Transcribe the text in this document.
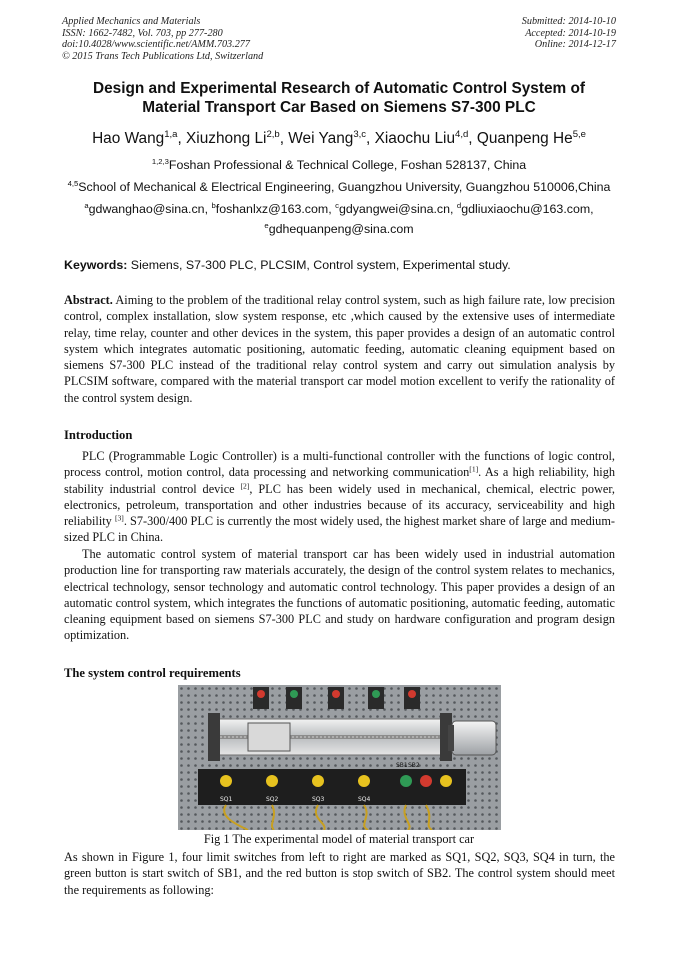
Applied Mechanics and Materials
ISSN: 1662-7482, Vol. 703, pp 277-280
doi:10.4028/www.scientific.net/AMM.703.277
© 2015 Trans Tech Publications Ltd, Switzerland
Submitted: 2014-10-10
Accepted: 2014-10-19
Online: 2014-12-17
Design and Experimental Research of Automatic Control System of Material Transport Car Based on Siemens S7-300 PLC
Hao Wang$^{1,a}$, Xiuzhong Li$^{2,b}$, Wei Yang$^{3,c}$, Xiaochu Liu$^{4,d}$, Quanpeng He$^{5,e}$
$^{1,2,3}$Foshan Professional & Technical College, Foshan 528137, China
$^{4,5}$School of Mechanical & Electrical Engineering, Guangzhou University, Guangzhou 510006,China
$^a$gdwanghao@sina.cn, $^b$foshanlxz@163.com, $^c$gdyangwei@sina.cn, $^d$gdliuxiaochu@163.com,
$^e$gdhequanpeng@sina.com
Keywords: Siemens, S7-300 PLC, PLCSIM, Control system, Experimental study.

Abstract. Aiming to the problem of the traditional relay control system, such as high failure rate, low precision control, complex installation, slow system response, etc ,which caused by the extensive uses of intermediate relay, time relay, counter and other devices in the system, this paper provides a design of an automatic control system which integrates automatic positioning, automatic feeding, automatic cleaning equipment based on siemens S7-300 PLC instead of the traditional relay control system and carry out simulation analysis by PLCSIM software, compared with the material transport car model motion excellent to verify the rationality of the control system design.

Introduction

PLC (Programmable Logic Controller) is a multi-functional controller with the functions of logic control, process control, motion control, data processing and networking communication[1]. As a high reliability, high stability industrial control device [2], PLC has been widely used in mechanical, chemical, electric power, electronics, petroleum, transportation and other industries because of its accuracy, serviceability and high reliability [3]. S7-300/400 PLC is currently the most widely used, the highest market share of large and medium-sized PLC in China.

The automatic control system of material transport car has been widely used in industrial automation production line for transporting raw materials accurately, the design of the control system relates to mechanics, electrical technology, sensor technology and automatic control technology. This paper provides a design of an automatic control system, which integrates the functions of automatic positioning, automatic feeding, automatic cleaning equipment based on siemens S7-300 PLC and study on hardware configuration and program design optimization.

The system control requirements
SB1 SB2
SQ1	SQ2	SQ3	SQ4
Fig 1 The experimental model of material transport car

As shown in Figure 1, four limit switches from left to right are marked as SQ1, SQ2, SQ3, SQ4 in turn, the green button is start switch of SB1, and the red button is stop switch of SB2. The control system should meet the requirements as following:
